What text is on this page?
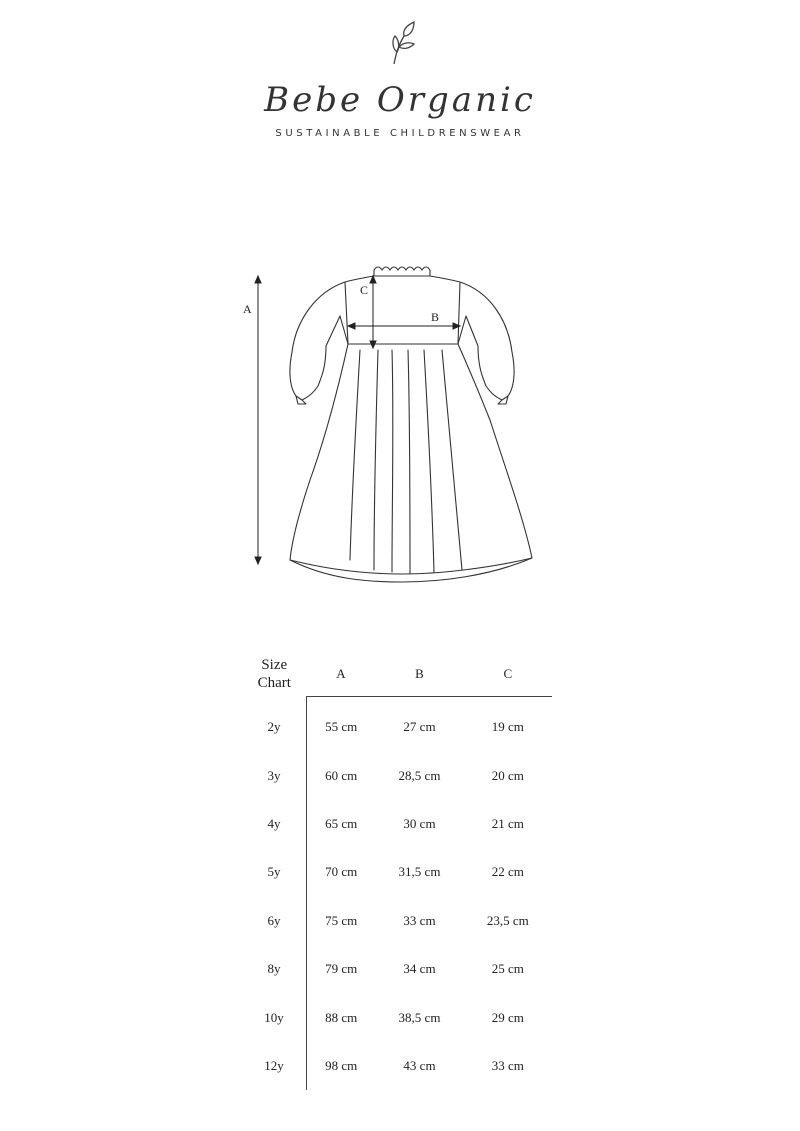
Bebe Organic
SUSTAINABLE CHILDRENSWEAR
A
B
C
Size
Chart	A	B	C
2y	55 cm	27 cm	19 cm
3y	60 cm	28,5 cm	20 cm
4y	65 cm	30 cm	21 cm
5y	70 cm	31,5 cm	22 cm
6y	75 cm	33 cm	23,5 cm
8y	79 cm	34 cm	25 cm
10y	88 cm	38,5 cm	29 cm
12y	98 cm	43 cm	33 cm
